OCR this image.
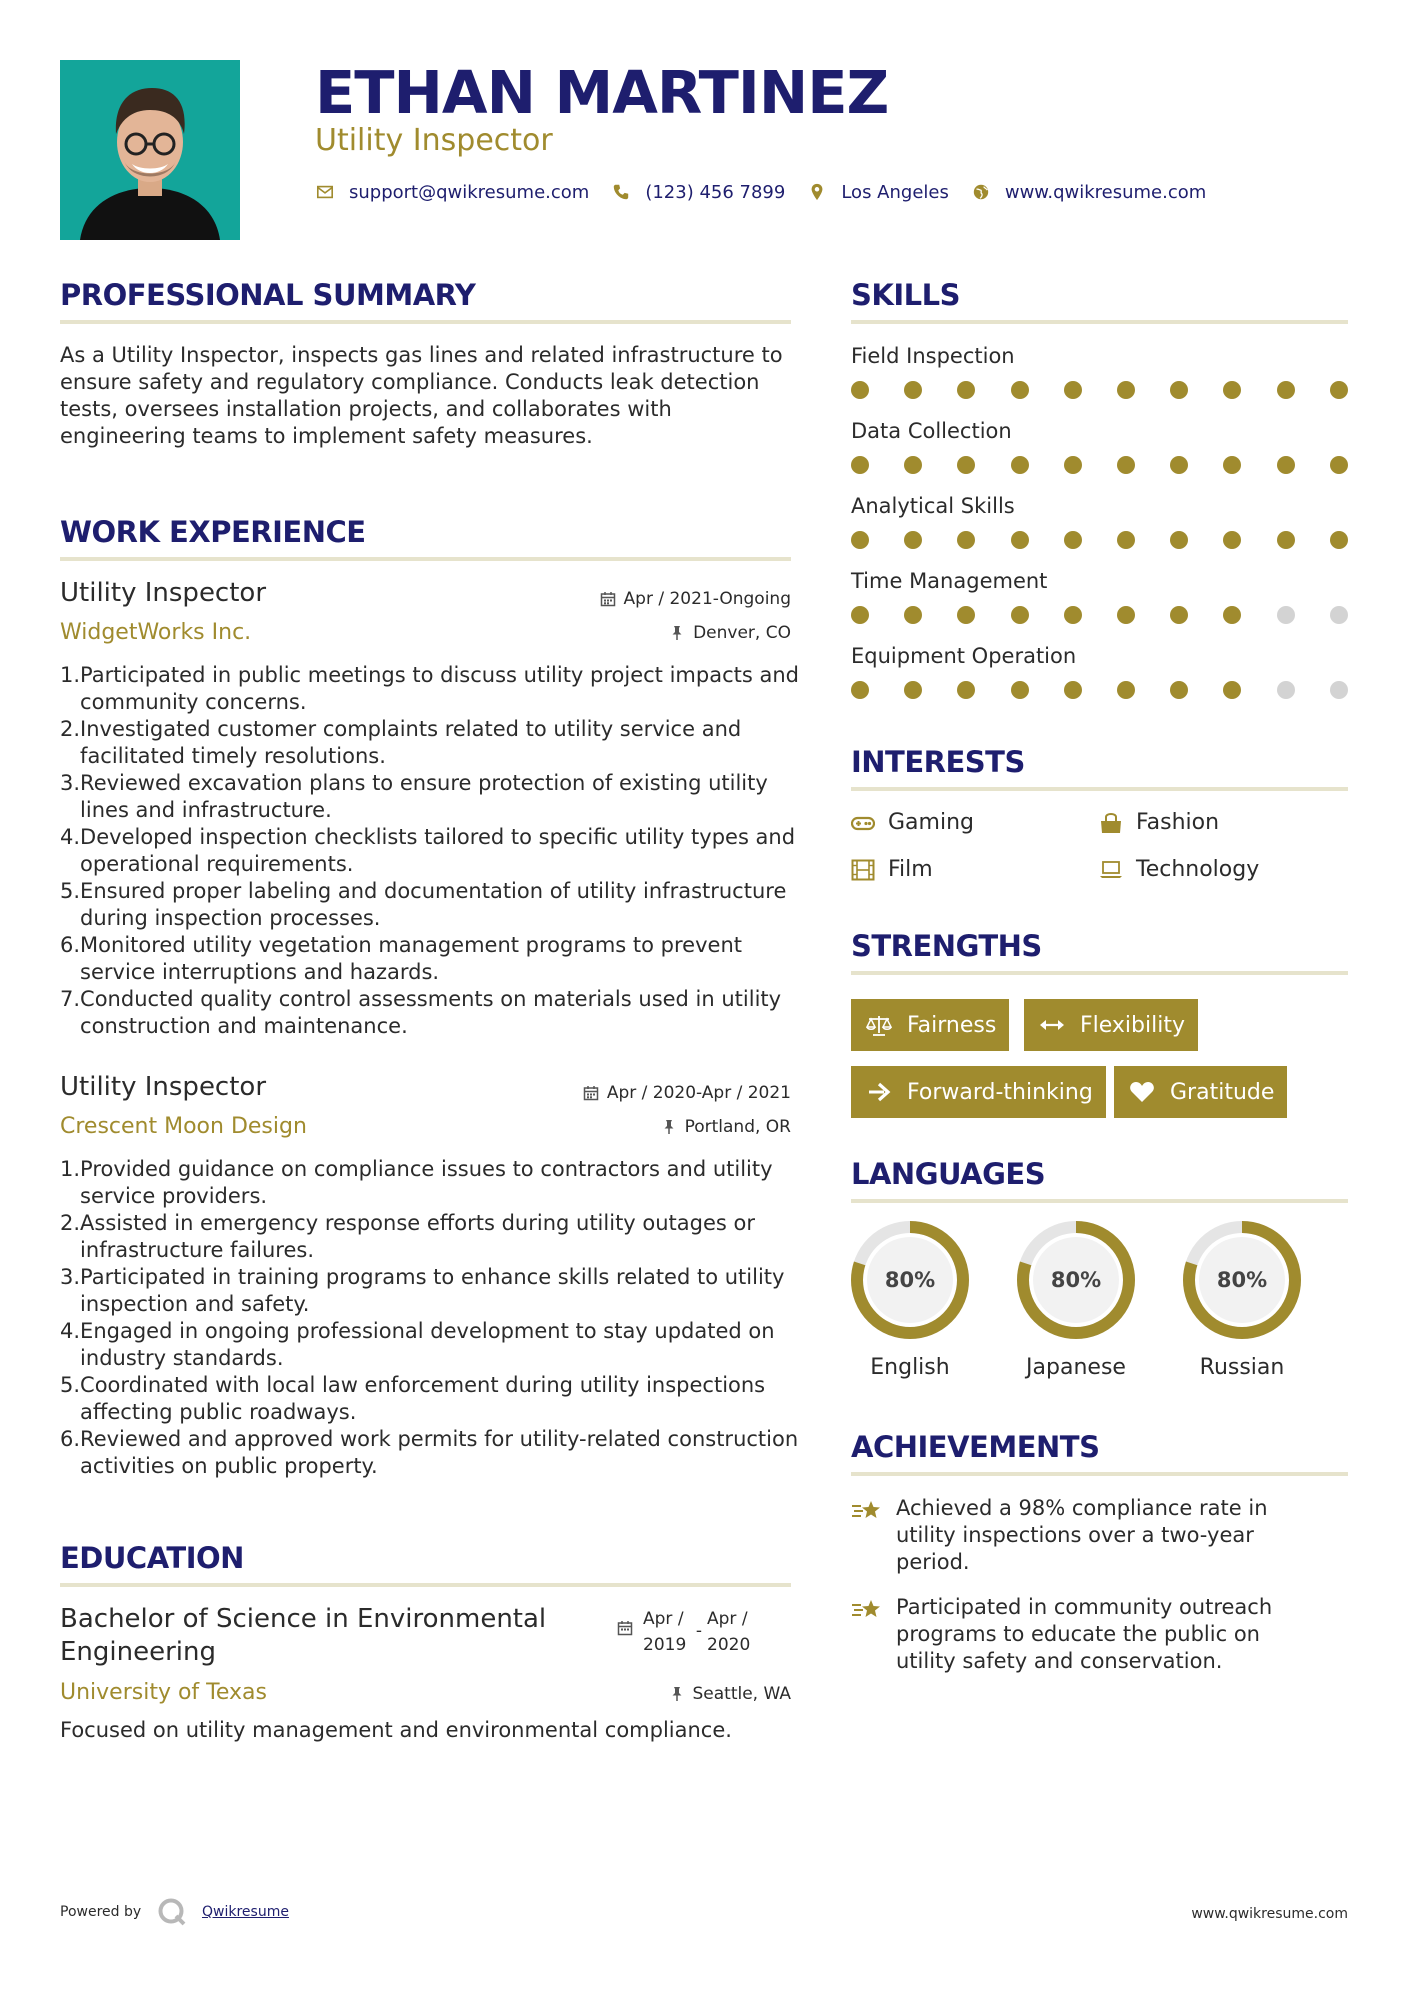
ETHAN MARTINEZ
Utility Inspector
support@qwikresume.com	(123) 456 7899	Los Angeles	www.qwikresume.com
PROFESSIONAL SUMMARY
As a Utility Inspector, inspects gas lines and related infrastructure to ensure safety and regulatory compliance. Conducts leak detection tests, oversees installation projects, and collaborates with engineering teams to implement safety measures.
WORK EXPERIENCE
Utility Inspector
WidgetWorks Inc.
Apr / 2021-Ongoing
Denver, CO
1. Participated in public meetings to discuss utility project impacts and community concerns.
2. Investigated customer complaints related to utility service and facilitated timely resolutions.
3. Reviewed excavation plans to ensure protection of existing utility lines and infrastructure.
4. Developed inspection checklists tailored to specific utility types and operational requirements.
5. Ensured proper labeling and documentation of utility infrastructure during inspection processes.
6. Monitored utility vegetation management programs to prevent service interruptions and hazards.
7. Conducted quality control assessments on materials used in utility construction and maintenance.
Utility Inspector
Crescent Moon Design
Apr / 2020-Apr / 2021
Portland, OR
1. Provided guidance on compliance issues to contractors and utility service providers.
2. Assisted in emergency response efforts during utility outages or infrastructure failures.
3. Participated in training programs to enhance skills related to utility inspection and safety.
4. Engaged in ongoing professional development to stay updated on industry standards.
5. Coordinated with local law enforcement during utility inspections affecting public roadways.
6. Reviewed and approved work permits for utility-related construction activities on public property.
EDUCATION
Bachelor of Science in Environmental Engineering
Apr /
2019
-
Apr /
2020
University of Texas	Seattle, WA
Focused on utility management and environmental compliance.
SKILLS
Field Inspection
Data Collection
Analytical Skills
Time Management
Equipment Operation
INTERESTS
Gaming	Fashion
Film	Technology
STRENGTHS
Fairness	Flexibility
Forward-thinking	Gratitude
LANGUAGES
80%
English
80%
Japanese
80%
Russian
ACHIEVEMENTS
Achieved a 98% compliance rate in utility inspections over a two-year period.
Participated in community outreach programs to educate the public on utility safety and conservation.
Powered by	Qwikresume	www.qwikresume.com
